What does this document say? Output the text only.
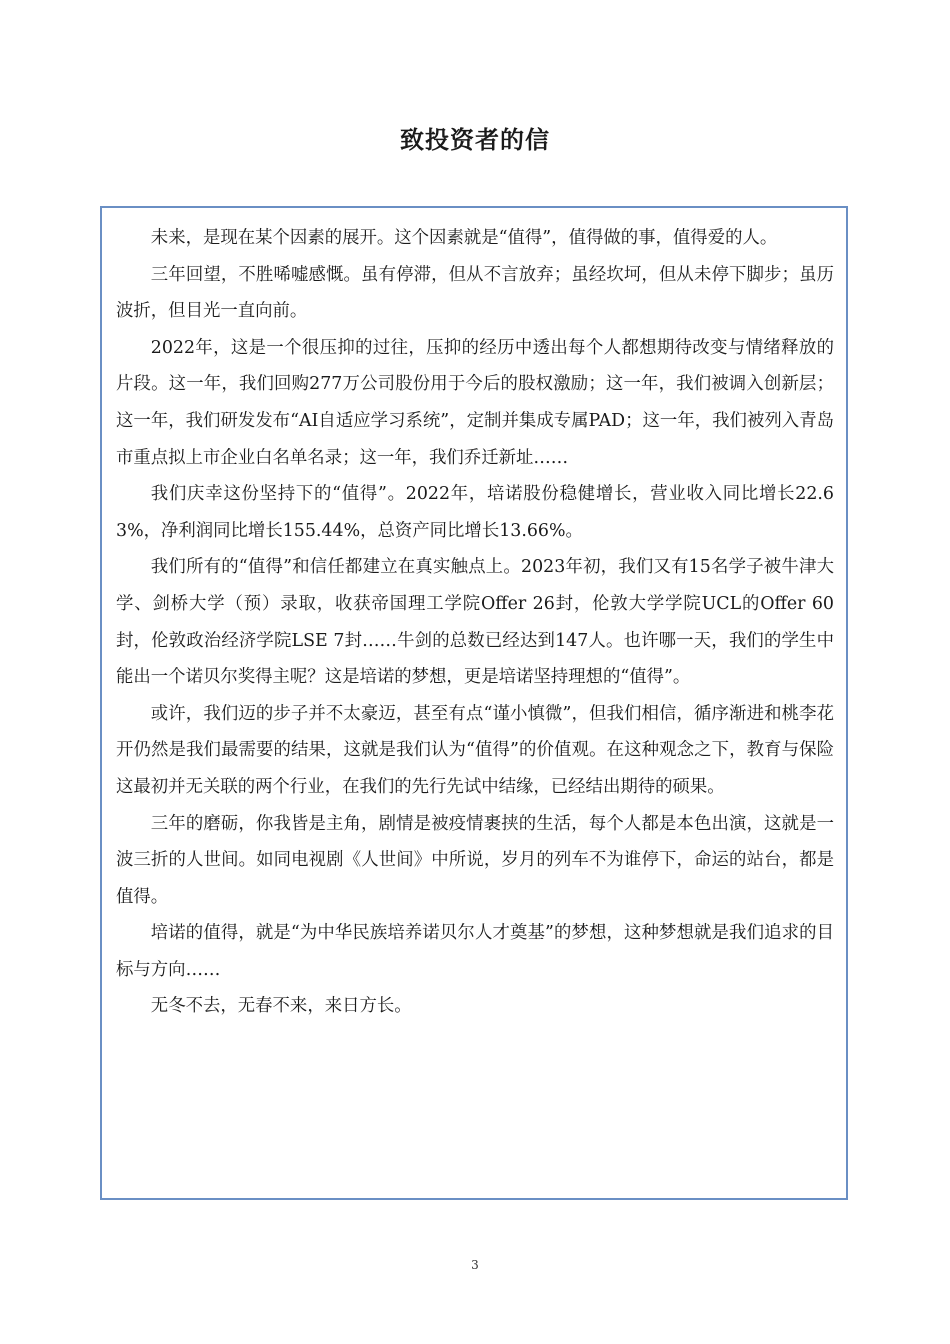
致投资者的信

未来，是现在某个因素的展开。这个因素就是“值得”，值得做的事，值得爱的人。

三年回望，不胜唏嘘感慨。虽有停滞，但从不言放弃；虽经坎坷，但从未停下脚步；虽历波折，但目光一直向前。

2022年，这是一个很压抑的过往，压抑的经历中透出每个人都想期待改变与情绪释放的片段。这一年，我们回购277万公司股份用于今后的股权激励；这一年，我们被调入创新层；这一年，我们研发发布“AI自适应学习系统”，定制并集成专属PAD；这一年，我们被列入青岛市重点拟上市企业白名单名录；这一年，我们乔迁新址……

我们庆幸这份坚持下的“值得”。2022年，培诺股份稳健增长，营业收入同比增长22.63%，净利润同比增长155.44%，总资产同比增长13.66%。

我们所有的“值得”和信任都建立在真实触点上。2023年初，我们又有15名学子被牛津大学、剑桥大学（预）录取，收获帝国理工学院Offer 26封，伦敦大学学院UCL的Offer 60封，伦敦政治经济学院LSE 7封……牛剑的总数已经达到147人。也许哪一天，我们的学生中能出一个诺贝尔奖得主呢？这是培诺的梦想，更是培诺坚持理想的“值得”。

或许，我们迈的步子并不太豪迈，甚至有点“谨小慎微”，但我们相信，循序渐进和桃李花开仍然是我们最需要的结果，这就是我们认为“值得”的价值观。在这种观念之下，教育与保险这最初并无关联的两个行业，在我们的先行先试中结缘，已经结出期待的硕果。

三年的磨砺，你我皆是主角，剧情是被疫情裹挟的生活，每个人都是本色出演，这就是一波三折的人世间。如同电视剧《人世间》中所说，岁月的列车不为谁停下，命运的站台，都是值得。

培诺的值得，就是“为中华民族培养诺贝尔人才奠基”的梦想，这种梦想就是我们追求的目标与方向……

无冬不去，无春不来，来日方长。

3
